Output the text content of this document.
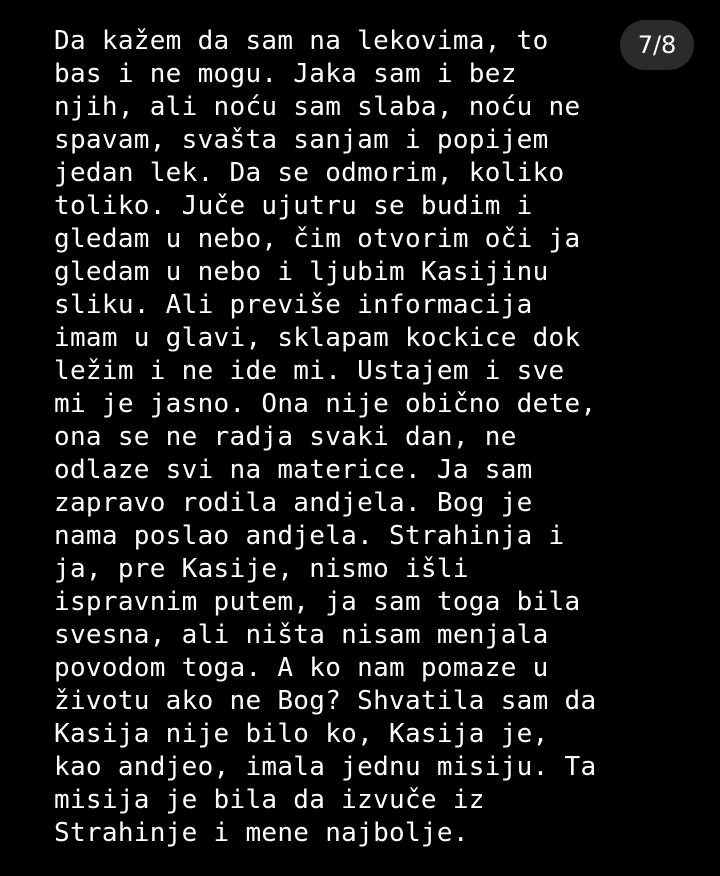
Da kažem da sam na lekovima, to
bas i ne mogu. Jaka sam i bez
njih, ali noću sam slaba, noću ne
spavam, svašta sanjam i popijem
jedan lek. Da se odmorim, koliko
toliko. Juče ujutru se budim i
gledam u nebo, čim otvorim oči ja
gledam u nebo i ljubim Kasijinu
sliku. Ali previše informacija
imam u glavi, sklapam kockice dok
ležim i ne ide mi. Ustajem i sve
mi je jasno. Ona nije obično dete,
ona se ne radja svaki dan, ne
odlaze svi na materice. Ja sam
zapravo rodila andjela. Bog je
nama poslao andjela. Strahinja i
ja, pre Kasije, nismo išli
ispravnim putem, ja sam toga bila
svesna, ali ništa nisam menjala
povodom toga. A ko nam pomaze u
životu ako ne Bog? Shvatila sam da
Kasija nije bilo ko, Kasija je,
kao andjeo, imala jednu misiju. Ta
misija je bila da izvuče iz
Strahinje i mene najbolje.
7/8
